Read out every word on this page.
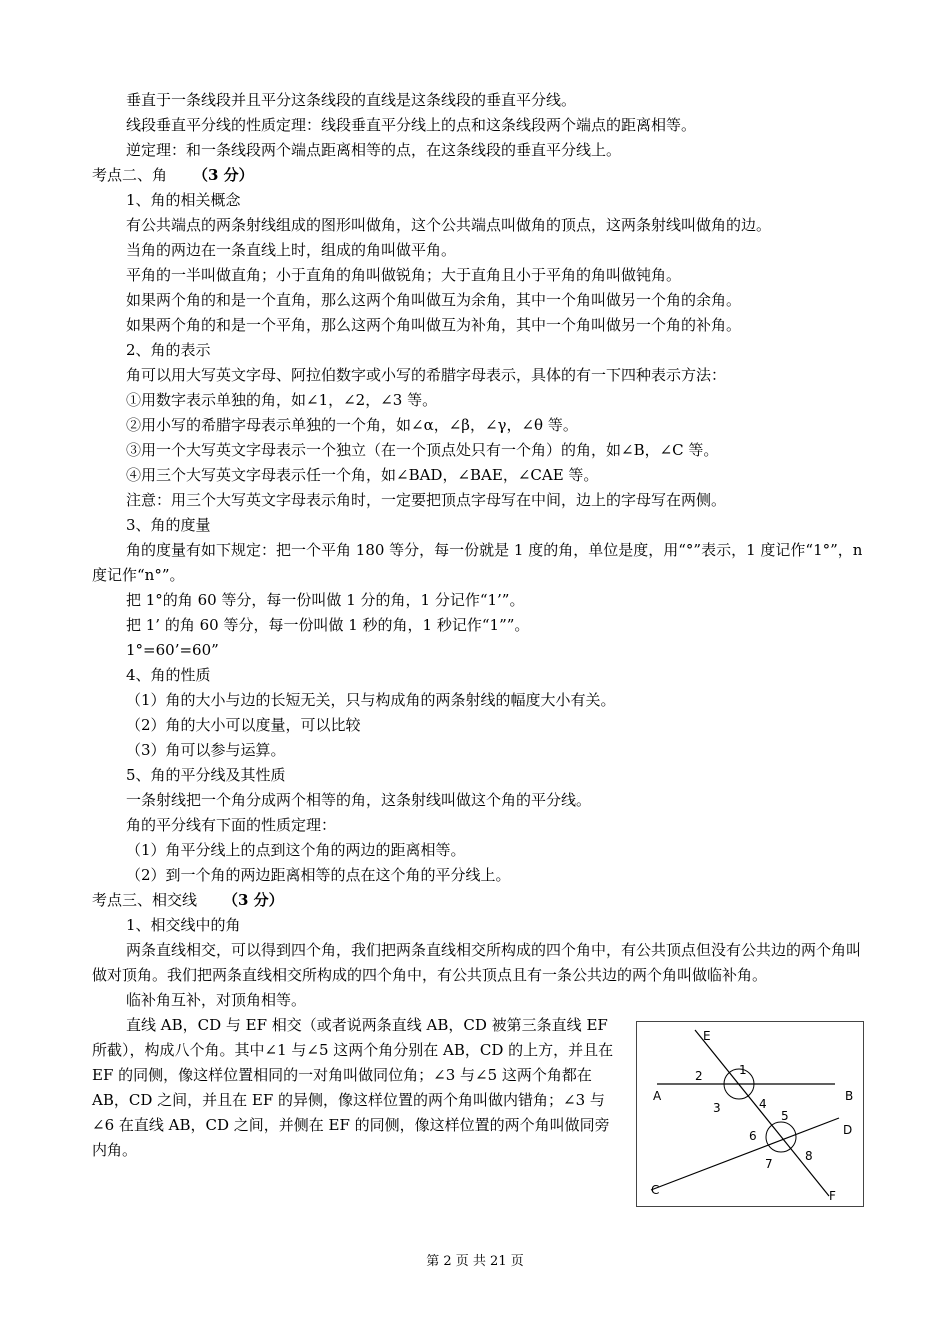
垂直于一条线段并且平分这条线段的直线是这条线段的垂直平分线。

线段垂直平分线的性质定理：线段垂直平分线上的点和这条线段两个端点的距离相等。

逆定理：和一条线段两个端点距离相等的点，在这条线段的垂直平分线上。

考点二、角 （3 分）

1、角的相关概念

有公共端点的两条射线组成的图形叫做角，这个公共端点叫做角的顶点，这两条射线叫做角的边。

当角的两边在一条直线上时，组成的角叫做平角。

平角的一半叫做直角；小于直角的角叫做锐角；大于直角且小于平角的角叫做钝角。

如果两个角的和是一个直角，那么这两个角叫做互为余角，其中一个角叫做另一个角的余角。

如果两个角的和是一个平角，那么这两个角叫做互为补角，其中一个角叫做另一个角的补角。

2、角的表示

角可以用大写英文字母、阿拉伯数字或小写的希腊字母表示，具体的有一下四种表示方法：

①用数字表示单独的角，如∠1，∠2，∠3 等。

②用小写的希腊字母表示单独的一个角，如∠α，∠β，∠γ，∠θ 等。

③用一个大写英文字母表示一个独立（在一个顶点处只有一个角）的角，如∠B，∠C 等。

④用三个大写英文字母表示任一个角，如∠BAD，∠BAE，∠CAE 等。

注意：用三个大写英文字母表示角时，一定要把顶点字母写在中间，边上的字母写在两侧。

3、角的度量

角的度量有如下规定：把一个平角 180 等分，每一份就是 1 度的角，单位是度，用“°”表示，1 度记作“1°”，n 度记作“n°”。

把 1°的角 60 等分，每一份叫做 1 分的角，1 分记作“1’”。

把 1’ 的角 60 等分，每一份叫做 1 秒的角，1 秒记作“1””。

1°=60’=60”

4、角的性质

（1）角的大小与边的长短无关，只与构成角的两条射线的幅度大小有关。

（2）角的大小可以度量，可以比较

（3）角可以参与运算。

5、角的平分线及其性质

一条射线把一个角分成两个相等的角，这条射线叫做这个角的平分线。

角的平分线有下面的性质定理：

（1）角平分线上的点到这个角的两边的距离相等。

（2）到一个角的两边距离相等的点在这个角的平分线上。

考点三、相交线 （3 分）

1、相交线中的角

两条直线相交，可以得到四个角，我们把两条直线相交所构成的四个角中，有公共顶点但没有公共边的两个角叫做对顶角。我们把两条直线相交所构成的四个角中，有公共顶点且有一条公共边的两个角叫做临补角。

临补角互补，对顶角相等。

直线 AB，CD 与 EF 相交（或者说两条直线 AB，CD 被第三条直线 EF 所截），构成八个角。其中∠1 与∠5 这两个角分别在 AB，CD 的上方，并且在 EF 的同侧，像这样位置相同的一对角叫做同位角；∠3 与∠5 这两个角都在 AB，CD 之间，并且在 EF 的异侧，像这样位置的两个角叫做内错角；∠3 与∠6 在直线 AB，CD 之间，并侧在 EF 的同侧，像这样位置的两个角叫做同旁内角。

E
A	B
C
D
F
1
2
3	4
5
6
7
8
第 2 页 共 21 页
